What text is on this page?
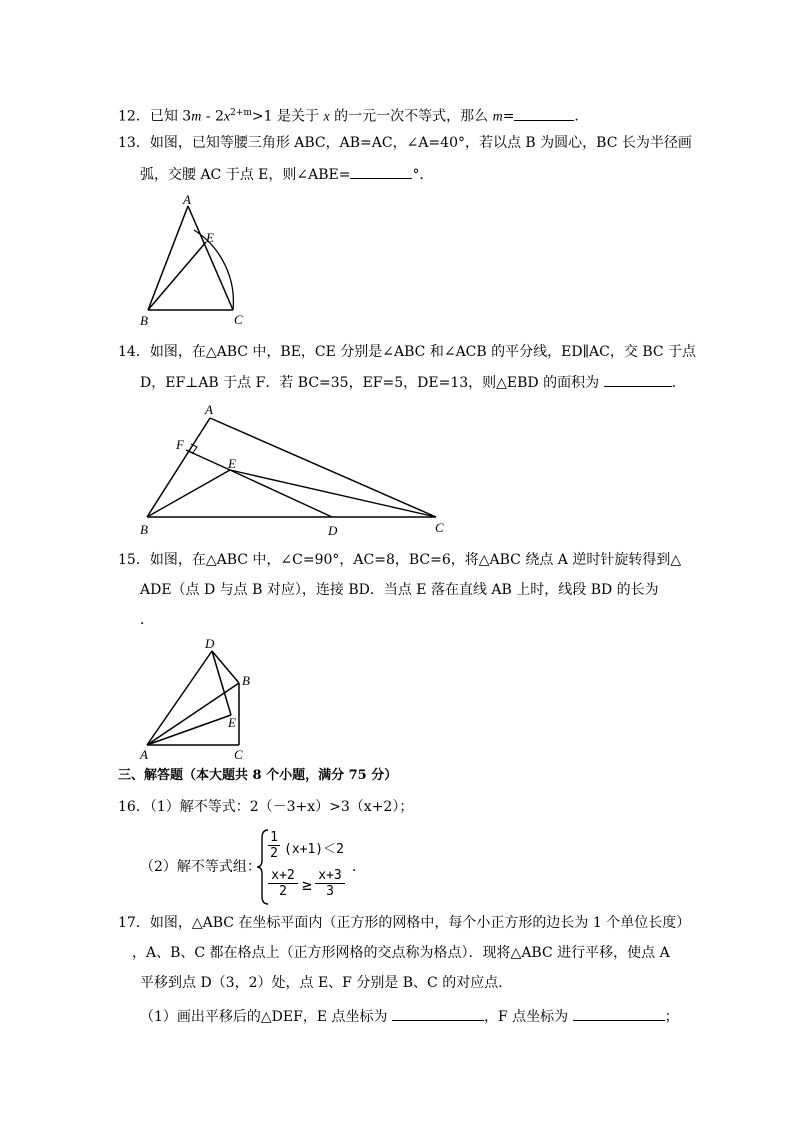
12．已知 $3m - 2x^{2+m}>1$ 是关于 x 的一元一次不等式，那么 m=	．
13．如图，已知等腰三角形 ABC，AB=AC，∠A=40°，若以点 B 为圆心，BC 长为半径画
弧，交腰 AC 于点 E，则∠ABE=	°．
A
B	C
E
14．如图，在△ABC 中，BE，CE 分别是∠ABC 和∠ACB 的平分线，ED∥AC，交 BC 于点
D，EF⊥AB 于点 F．若 BC=35，EF=5，DE=13，则△EBD 的面积为	．
A
F
E
B	D	C
15．如图，在△ABC 中，∠C=90°，AC=8，BC=6，将△ABC 绕点 A 逆时针旋转得到△
ADE（点 D 与点 B 对应），连接 BD．当点 E 落在直线 AB 上时，线段 BD 的长为
．
D
B
E
A	C
三、解答题（本大题共 8 个小题，满分 75 分）
16．（1）解不等式：2（－3+x）>3（x+2）；
（2）解不等式组：
$\frac{1}{2} (x+1)<2$
$\frac{x+2}{2} \ge \frac{x+3}{3}$
．
17．如图，△ABC 在坐标平面内（正方形的网格中，每个小正方形的边长为 1 个单位长度）
，A、B、C 都在格点上（正方形网格的交点称为格点）．现将△ABC 进行平移，使点 A
平移到点 D（3，2）处，点 E、F 分别是 B、C 的对应点．
（1）画出平移后的△DEF，E 点坐标为	，F 点坐标为	；
